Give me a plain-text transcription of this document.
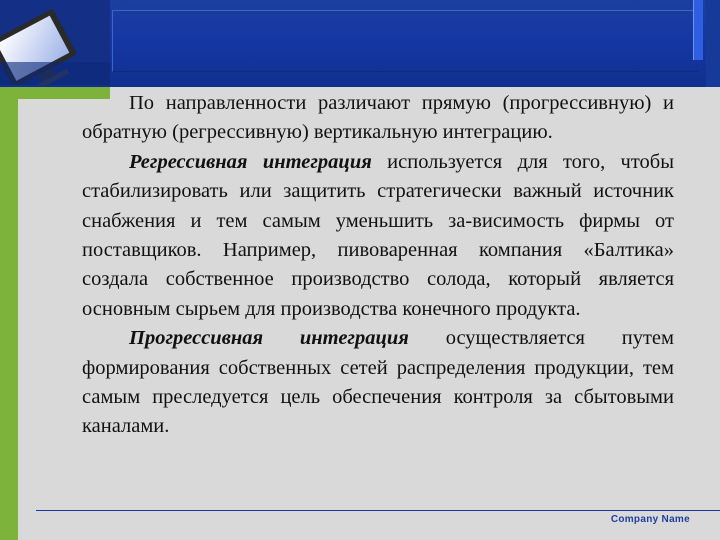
По направленности различают прямую (прогрессивную) и обратную (регрессивную) вертикальную интеграцию.

Регрессивная интеграция используется для того, чтобы стабилизировать или защитить стратегически важный источник снабжения и тем самым уменьшить за-висимость фирмы от поставщиков. Например, пивоваренная компания «Балтика» создала собственное производство солода, который является основным сырьем для производства конечного продукта.

Прогрессивная интеграция осуществляется путем формирования собственных сетей распределения продукции, тем самым преследуется цель обеспечения контроля за сбытовыми каналами.

Company Name
